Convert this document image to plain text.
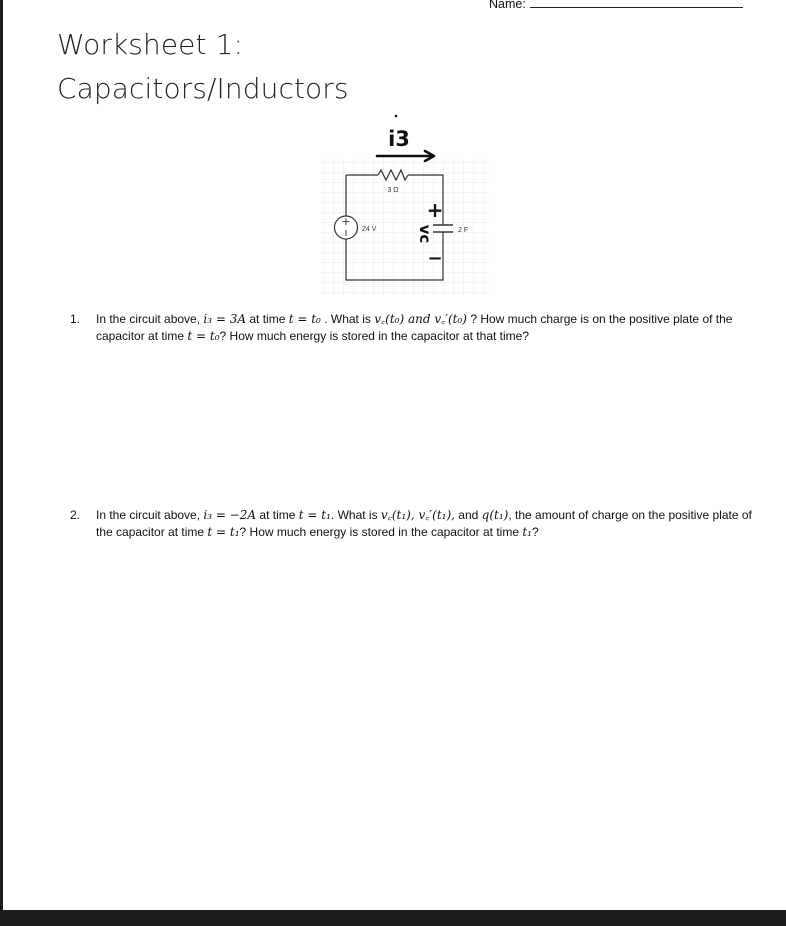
Name:
Worksheet 1:
Capacitors/Inductors
3 Ω
+
24 V	2 F
i3
+
vc
−
1. In the circuit above, i₃ = 3A at time t = t₀ . What is v꜀(t₀) and v꜀′(t₀) ? How much charge is on the positive plate of the capacitor at time t = t₀? How much energy is stored in the capacitor at that time?
2. In the circuit above, i₃ = −2A at time t = t₁. What is v꜀(t₁), v꜀′(t₁), and q(t₁), the amount of charge on the positive plate of the capacitor at time t = t₁? How much energy is stored in the capacitor at time t₁?
